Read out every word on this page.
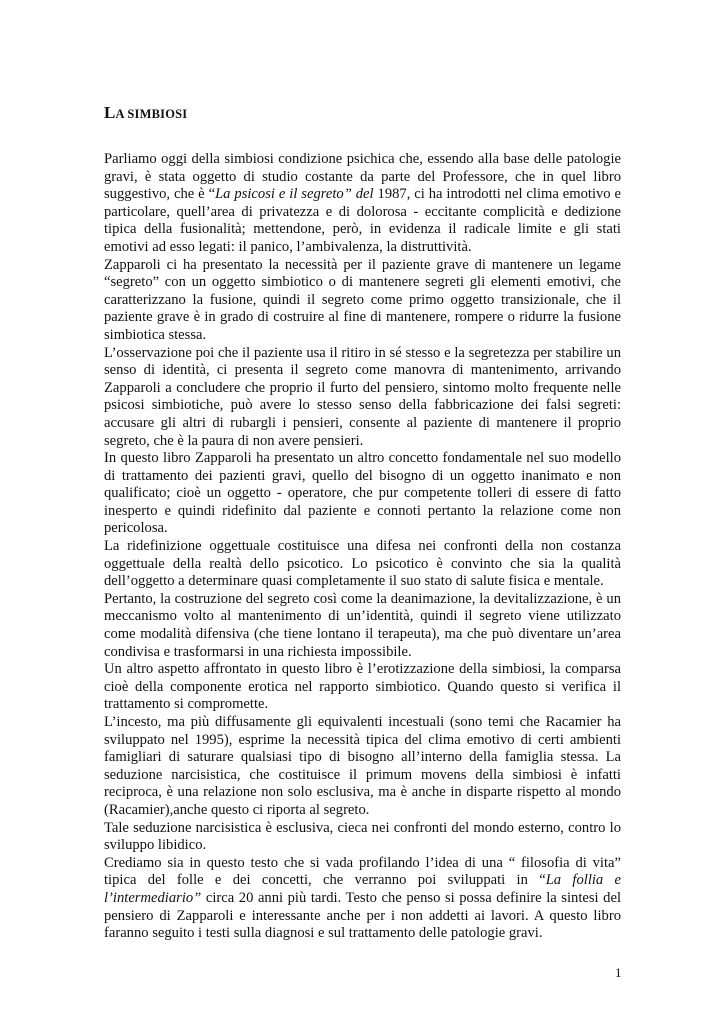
LA SIMBIOSI

Parliamo oggi della simbiosi condizione psichica che, essendo alla base delle patologie gravi, è stata oggetto di studio costante da parte del Professore, che in quel libro suggestivo, che è “La psicosi e il segreto” del 1987, ci ha introdotti nel clima emotivo e particolare, quell’area di privatezza e di dolorosa - eccitante complicità e dedizione tipica della fusionalità; mettendone, però, in evidenza il radicale limite e gli stati emotivi ad esso legati: il panico, l’ambivalenza, la distruttività.

Zapparoli ci ha presentato la necessità per il paziente grave di mantenere un legame “segreto” con un oggetto simbiotico o di mantenere segreti gli elementi emotivi, che caratterizzano la fusione, quindi il segreto come primo oggetto transizionale, che il paziente grave è in grado di costruire al fine di mantenere, rompere o ridurre la fusione simbiotica stessa.

L’osservazione poi che il paziente usa il ritiro in sé stesso e la segretezza per stabilire un senso di identità, ci presenta il segreto come manovra di mantenimento, arrivando Zapparoli a concludere che proprio il furto del pensiero, sintomo molto frequente nelle psicosi simbiotiche, può avere lo stesso senso della fabbricazione dei falsi segreti: accusare gli altri di rubargli i pensieri, consente al paziente di mantenere il proprio segreto, che è la paura di non avere pensieri.

In questo libro Zapparoli ha presentato un altro concetto fondamentale nel suo modello di trattamento dei pazienti gravi, quello del bisogno di un oggetto inanimato e non qualificato; cioè un oggetto - operatore, che pur competente tolleri di essere di fatto inesperto e quindi ridefinito dal paziente e connoti pertanto la relazione come non pericolosa.

La ridefinizione oggettuale costituisce una difesa nei confronti della non costanza oggettuale della realtà dello psicotico. Lo psicotico è convinto che sia la qualità dell’oggetto a determinare quasi completamente il suo stato di salute fisica e mentale.

Pertanto, la costruzione del segreto così come la deanimazione, la devitalizzazione, è un meccanismo volto al mantenimento di un’identità, quindi il segreto viene utilizzato come modalità difensiva (che tiene lontano il terapeuta), ma che può diventare un’area condivisa e trasformarsi in una richiesta impossibile.

Un altro aspetto affrontato in questo libro è l’erotizzazione della simbiosi, la comparsa cioè della componente erotica nel rapporto simbiotico. Quando questo si verifica il trattamento si compromette.

L’incesto, ma più diffusamente gli equivalenti incestuali (sono temi che Racamier ha sviluppato nel 1995), esprime la necessità tipica del clima emotivo di certi ambienti famigliari di saturare qualsiasi tipo di bisogno all’interno della famiglia stessa. La seduzione narcisistica, che costituisce il primum movens della simbiosi è infatti reciproca, è una relazione non solo esclusiva, ma è anche in disparte rispetto al mondo (Racamier),anche questo ci riporta al segreto.

Tale seduzione narcisistica è esclusiva, cieca nei confronti del mondo esterno, contro lo sviluppo libidico.

Crediamo sia in questo testo che si vada profilando l’idea di una “ filosofia di vita” tipica del folle e dei concetti, che verranno poi sviluppati in “La follia e l’intermediario” circa 20 anni più tardi. Testo che penso si possa definire la sintesi del pensiero di Zapparoli e interessante anche per i non addetti ai lavori. A questo libro faranno seguito i testi sulla diagnosi e sul trattamento delle patologie gravi.

1
